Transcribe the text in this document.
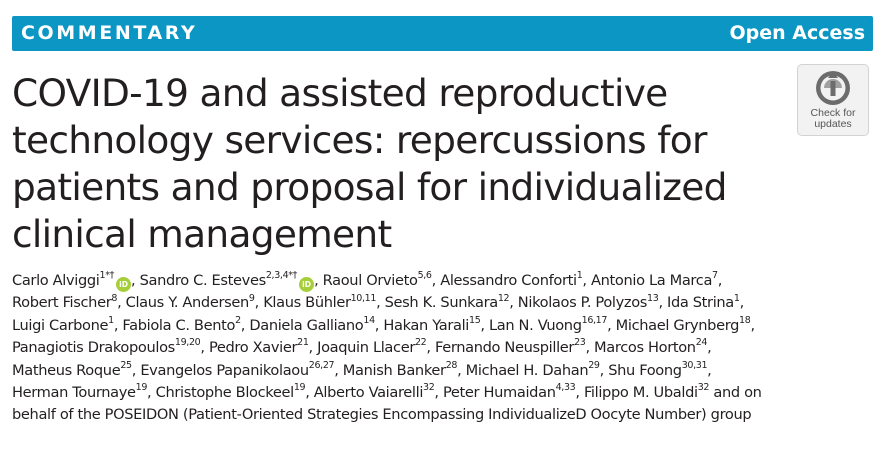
COMMENTARY	Open Access
COVID-19 and assisted reproductive
technology services: repercussions for
patients and proposal for individualized
clinical management
Check for
updates
Carlo Alviggi$^{1*\dagger}$iD , Sandro C. Esteves$^{2,3,4*\dagger}$iD , Raoul Orvieto$^{5,6}$, Alessandro Conforti$^1$, Antonio La Marca$^7$,
Robert Fischer$^8$, Claus Y. Andersen$^9$, Klaus Bühler$^{10,11}$, Sesh K. Sunkara$^{12}$, Nikolaos P. Polyzos$^{13}$, Ida Strina$^1$,
Luigi Carbone$^1$, Fabiola C. Bento$^2$, Daniela Galliano$^{14}$, Hakan Yarali$^{15}$, Lan N. Vuong$^{16,17}$, Michael Grynberg$^{18}$,
Panagiotis Drakopoulos$^{19,20}$, Pedro Xavier$^{21}$, Joaquin Llacer$^{22}$, Fernando Neuspiller$^{23}$, Marcos Horton$^{24}$,
Matheus Roque$^{25}$, Evangelos Papanikolaou$^{26,27}$, Manish Banker$^{28}$, Michael H. Dahan$^{29}$, Shu Foong$^{30,31}$,
Herman Tournaye$^{19}$, Christophe Blockeel$^{19}$, Alberto Vaiarelli$^{32}$, Peter Humaidan$^{4,33}$, Filippo M. Ubaldi$^{32}$ and on
behalf of the POSEIDON (Patient-Oriented Strategies Encompassing IndividualizeD Oocyte Number) group
